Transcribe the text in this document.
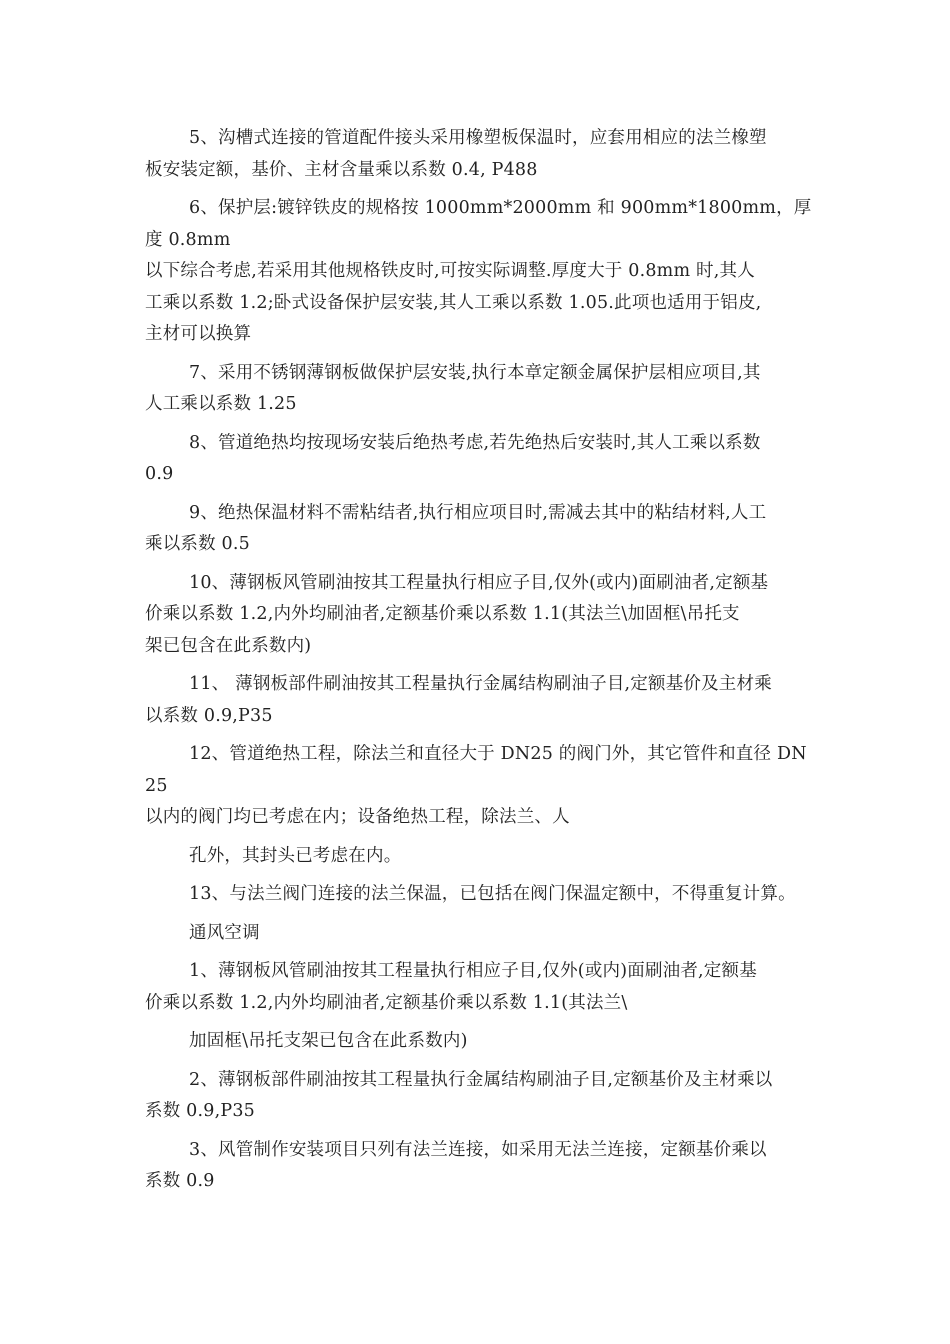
5、沟槽式连接的管道配件接头采用橡塑板保温时，应套用相应的法兰橡塑
板安装定额，基价、主材含量乘以系数 0.4, P488

6、保护层:镀锌铁皮的规格按 1000mm*2000mm 和 900mm*1800mm，厚度 0.8mm
以下综合考虑,若采用其他规格铁皮时,可按实际调整.厚度大于 0.8mm 时,其人
工乘以系数 1.2;卧式设备保护层安装,其人工乘以系数 1.05.此项也适用于铝皮,
主材可以换算

7、采用不锈钢薄钢板做保护层安装,执行本章定额金属保护层相应项目,其
人工乘以系数 1.25

8、管道绝热均按现场安装后绝热考虑,若先绝热后安装时,其人工乘以系数
0.9

9、绝热保温材料不需粘结者,执行相应项目时,需减去其中的粘结材料,人工
乘以系数 0.5

10、薄钢板风管刷油按其工程量执行相应子目,仅外(或内)面刷油者,定额基
价乘以系数 1.2,内外均刷油者,定额基价乘以系数 1.1(其法兰\加固框\吊托支
架已包含在此系数内)

11、 薄钢板部件刷油按其工程量执行金属结构刷油子目,定额基价及主材乘
以系数 0.9,P35

12、管道绝热工程，除法兰和直径大于 DN25 的阀门外，其它管件和直径 DN25
以内的阀门均已考虑在内；设备绝热工程，除法兰、人

孔外，其封头已考虑在内。

13、与法兰阀门连接的法兰保温，已包括在阀门保温定额中，不得重复计算。

通风空调

1、薄钢板风管刷油按其工程量执行相应子目,仅外(或内)面刷油者,定额基
价乘以系数 1.2,内外均刷油者,定额基价乘以系数 1.1(其法兰\

加固框\吊托支架已包含在此系数内)

2、薄钢板部件刷油按其工程量执行金属结构刷油子目,定额基价及主材乘以
系数 0.9,P35

3、风管制作安装项目只列有法兰连接，如采用无法兰连接，定额基价乘以
系数 0.9
